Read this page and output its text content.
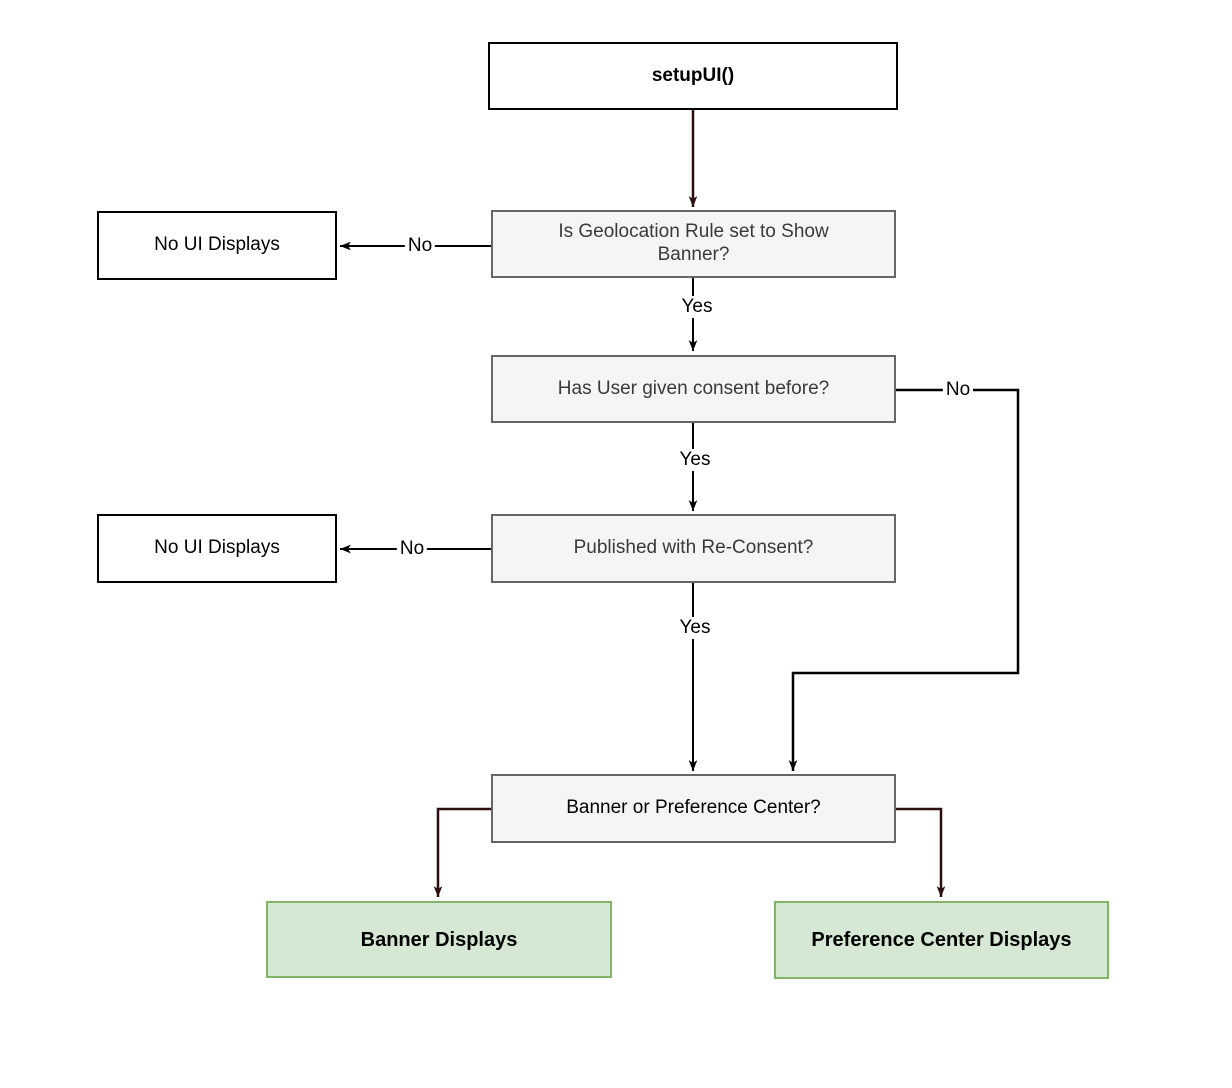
setupUI()
Is Geolocation Rule set to Show Banner?
No UI Displays
Has User given consent before?
No UI Displays	Published with Re-Consent?
Banner or Preference Center?
Banner Displays	Preference Center Displays
No
Yes
No
Yes
No
Yes
